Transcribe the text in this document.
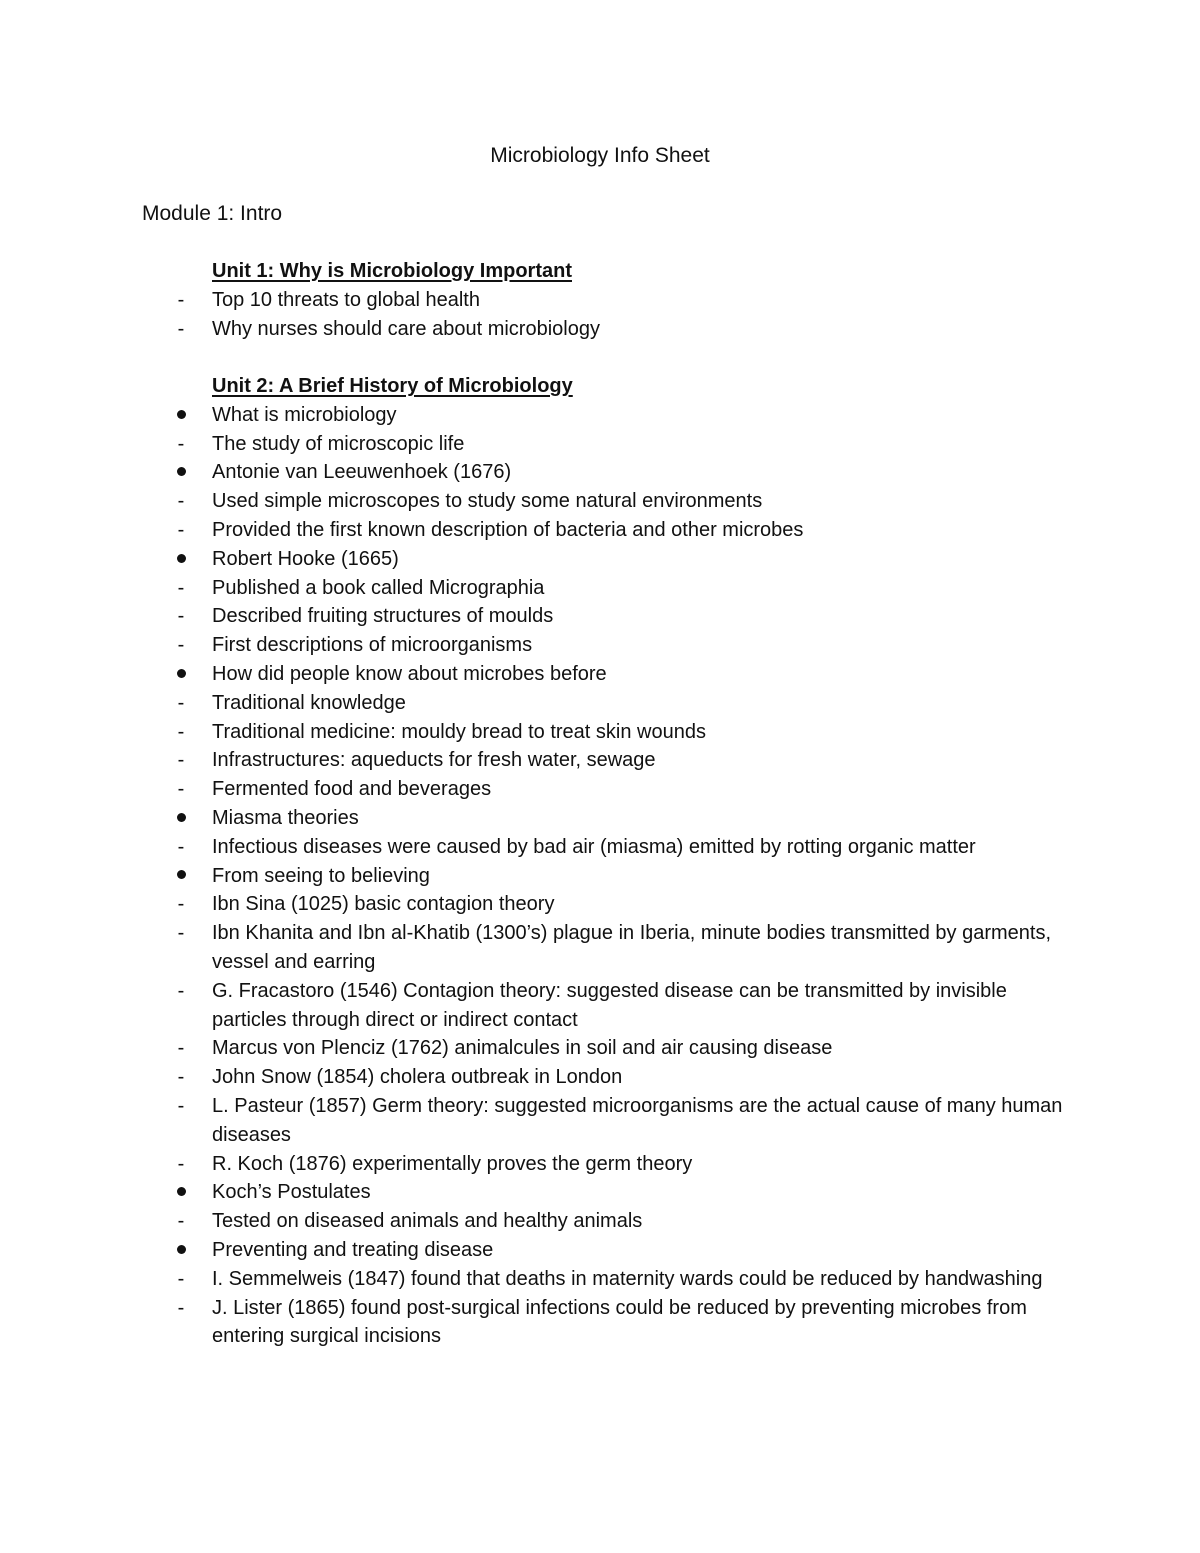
Microbiology Info Sheet
Module 1: Intro
Unit 1: Why is Microbiology Important
-
Top 10 threats to global health
-
Why nurses should care about microbiology
Unit 2: A Brief History of Microbiology
What is microbiology
-
The study of microscopic life
Antonie van Leeuwenhoek (1676)
-
Used simple microscopes to study some natural environments
-
Provided the first known description of bacteria and other microbes
Robert Hooke (1665)
-
Published a book called Micrographia
-
Described fruiting structures of moulds
-
First descriptions of microorganisms
How did people know about microbes before
-
Traditional knowledge
-
Traditional medicine: mouldy bread to treat skin wounds
-
Infrastructures: aqueducts for fresh water, sewage
-
Fermented food and beverages
Miasma theories
-
Infectious diseases were caused by bad air (miasma) emitted by rotting organic matter
From seeing to believing
-
Ibn Sina (1025) basic contagion theory
-
Ibn Khanita and Ibn al-Khatib (1300’s) plague in Iberia, minute bodies transmitted by garments, vessel and earring
-
G. Fracastoro (1546) Contagion theory: suggested disease can be transmitted by invisible particles through direct or indirect contact
-
Marcus von Plenciz (1762) animalcules in soil and air causing disease
-
John Snow (1854) cholera outbreak in London
-
L. Pasteur (1857) Germ theory: suggested microorganisms are the actual cause of many human diseases
-
R. Koch (1876) experimentally proves the germ theory
Koch’s Postulates
-
Tested on diseased animals and healthy animals
Preventing and treating disease
-
I. Semmelweis (1847) found that deaths in maternity wards could be reduced by handwashing
-
J. Lister (1865) found post-surgical infections could be reduced by preventing microbes from entering surgical incisions
